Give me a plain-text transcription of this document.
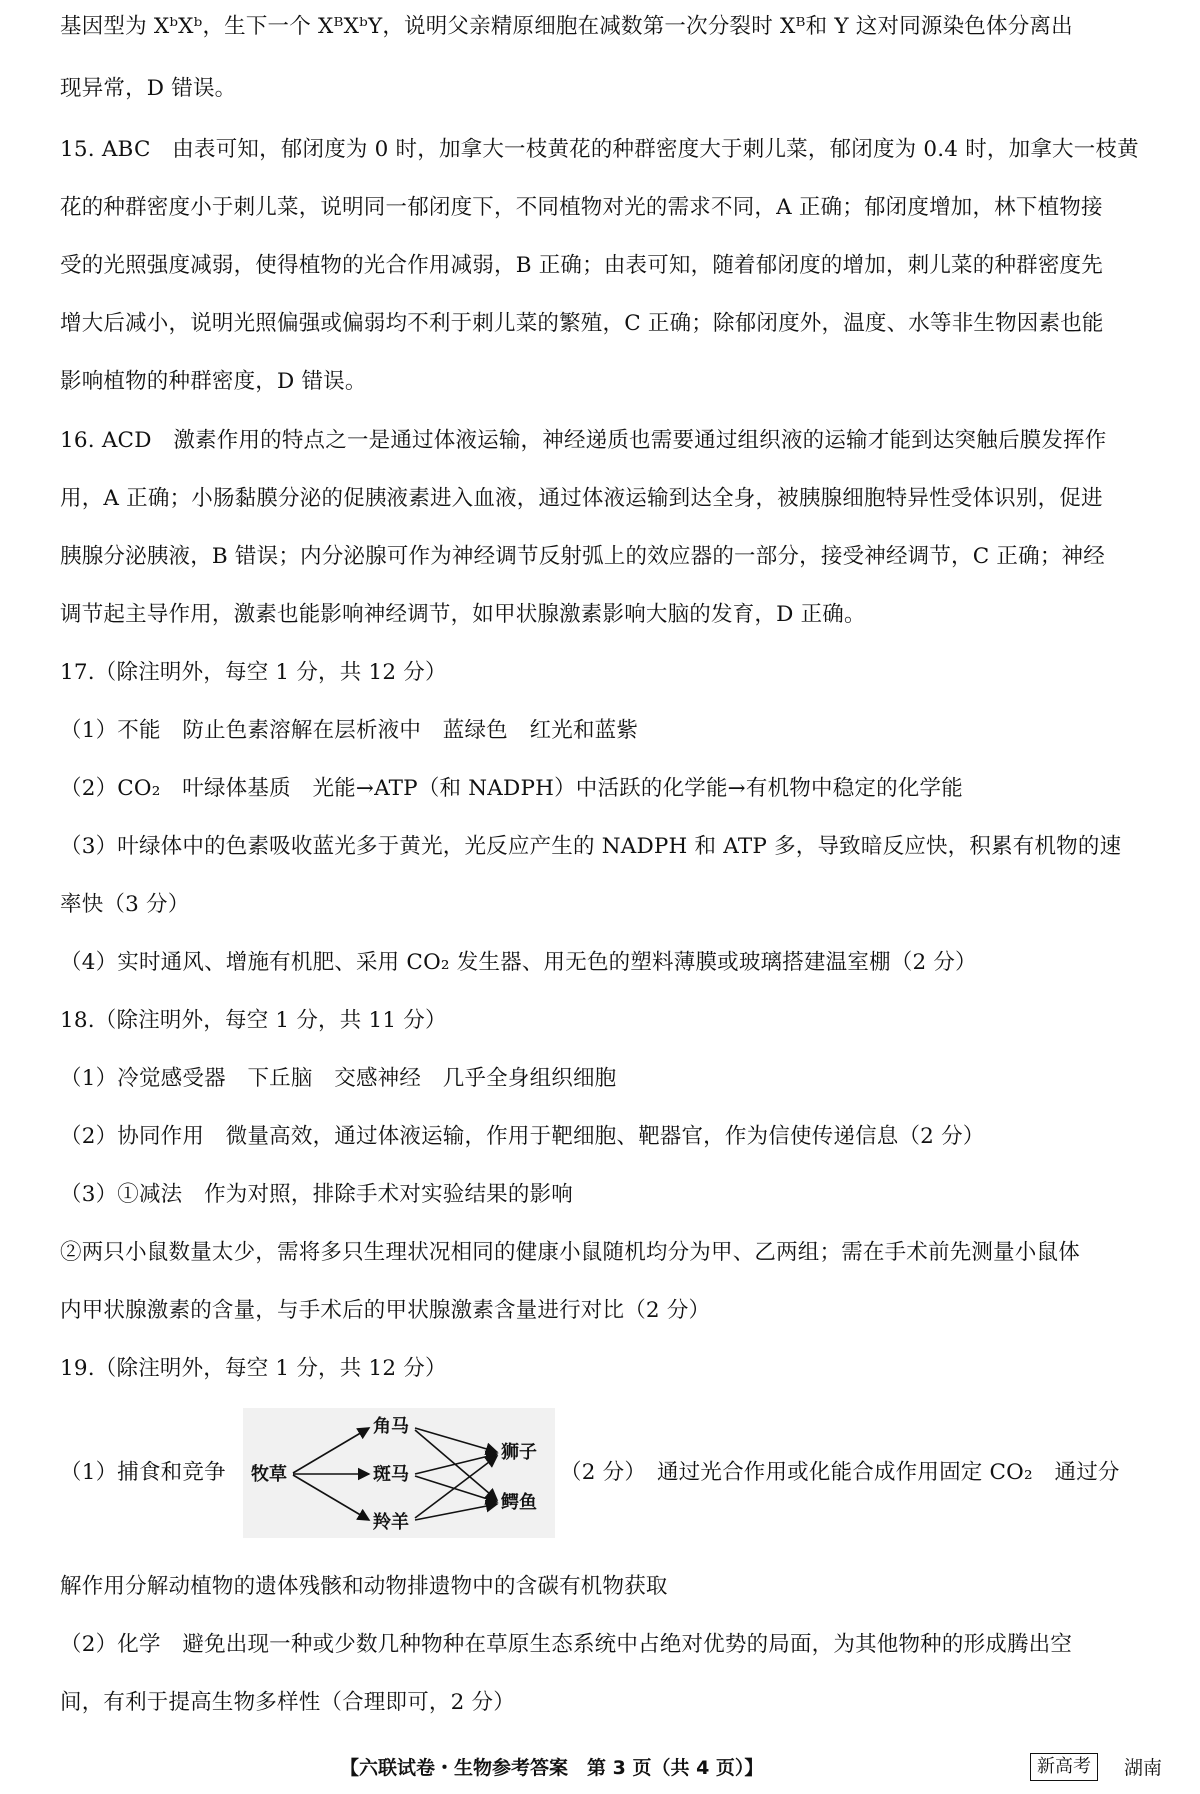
基因型为 XᵇXᵇ，生下一个 XᴮXᵇY，说明父亲精原细胞在减数第一次分裂时 Xᴮ和 Y 这对同源染色体分离出
现异常，D 错误。
15. ABC　由表可知，郁闭度为 0 时，加拿大一枝黄花的种群密度大于刺儿菜，郁闭度为 0.4 时，加拿大一枝黄
花的种群密度小于刺儿菜，说明同一郁闭度下，不同植物对光的需求不同，A 正确；郁闭度增加，林下植物接
受的光照强度减弱，使得植物的光合作用减弱，B 正确；由表可知，随着郁闭度的增加，刺儿菜的种群密度先
增大后减小，说明光照偏强或偏弱均不利于刺儿菜的繁殖，C 正确；除郁闭度外，温度、水等非生物因素也能
影响植物的种群密度，D 错误。
16. ACD　激素作用的特点之一是通过体液运输，神经递质也需要通过组织液的运输才能到达突触后膜发挥作
用，A 正确；小肠黏膜分泌的促胰液素进入血液，通过体液运输到达全身，被胰腺细胞特异性受体识别，促进
胰腺分泌胰液，B 错误；内分泌腺可作为神经调节反射弧上的效应器的一部分，接受神经调节，C 正确；神经
调节起主导作用，激素也能影响神经调节，如甲状腺激素影响大脑的发育，D 正确。
17.（除注明外，每空 1 分，共 12 分）
（1）不能　防止色素溶解在层析液中　蓝绿色　红光和蓝紫
（2）CO₂　叶绿体基质　光能→ATP（和 NADPH）中活跃的化学能→有机物中稳定的化学能
（3）叶绿体中的色素吸收蓝光多于黄光，光反应产生的 NADPH 和 ATP 多，导致暗反应快，积累有机物的速
率快（3 分）
（4）实时通风、增施有机肥、采用 CO₂ 发生器、用无色的塑料薄膜或玻璃搭建温室棚（2 分）
18.（除注明外，每空 1 分，共 11 分）
（1）冷觉感受器　下丘脑　交感神经　几乎全身组织细胞
（2）协同作用　微量高效，通过体液运输，作用于靶细胞、靶器官，作为信使传递信息（2 分）
（3）①减法　作为对照，排除手术对实验结果的影响
②两只小鼠数量太少，需将多只生理状况相同的健康小鼠随机均分为甲、乙两组；需在手术前先测量小鼠体
内甲状腺激素的含量，与手术后的甲状腺激素含量进行对比（2 分）
19.（除注明外，每空 1 分，共 12 分）
（1）捕食和竞争	牧草
角马
斑马
羚羊
狮子
鳄鱼
（2 分）　通过光合作用或化能合成作用固定 CO₂　通过分
解作用分解动植物的遗体残骸和动物排遗物中的含碳有机物获取
（2）化学　避免出现一种或少数几种物种在草原生态系统中占绝对优势的局面，为其他物种的形成腾出空
间，有利于提高生物多样性（合理即可，2 分）
【六联试卷・生物参考答案　第 3 页（共 4 页）】	新高考	湖南
